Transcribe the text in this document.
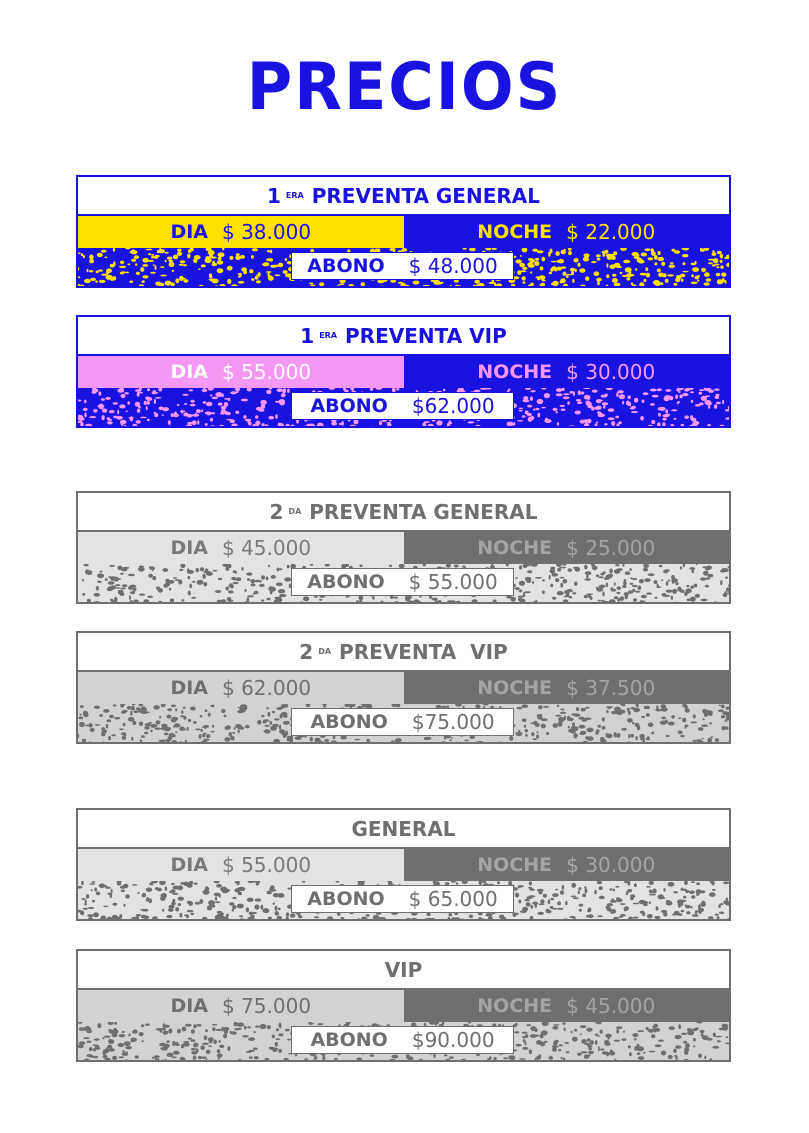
PRECIOS
1 ERA PREVENTA GENERAL
DIA $ 38.000	NOCHE $ 22.000
ABONO $ 48.000
1 ERA PREVENTA VIP
DIA $ 55.000	NOCHE $ 30.000
ABONO $62.000
2 DA PREVENTA GENERAL
DIA $ 45.000	NOCHE $ 25.000
ABONO $ 55.000
2 DA PREVENTA  VIP
DIA $ 62.000	NOCHE $ 37.500
ABONO $75.000
GENERAL
DIA $ 55.000	NOCHE $ 30.000
ABONO $ 65.000
VIP
DIA $ 75.000	NOCHE $ 45.000
ABONO $90.000
